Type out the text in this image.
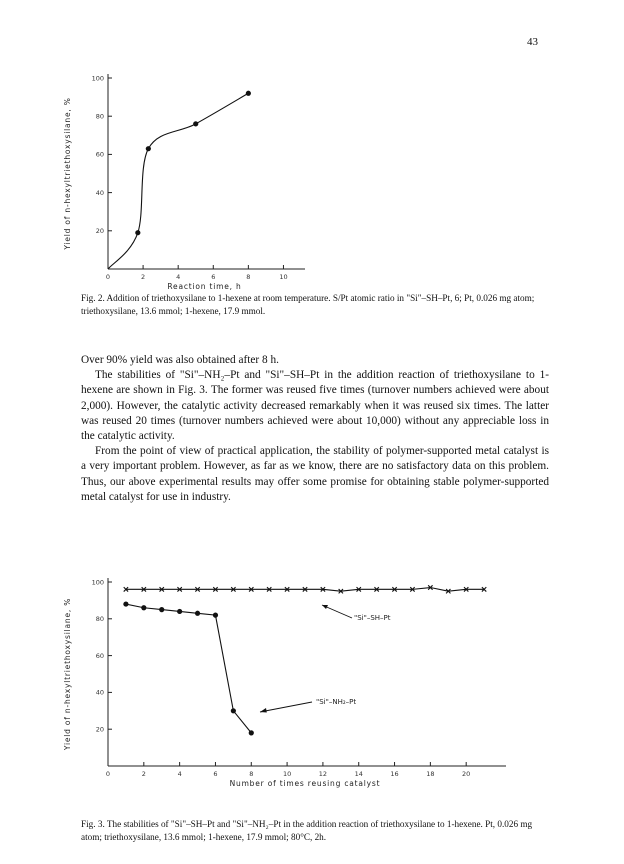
43
20
40
60
80
100
0	2	4	6	8	10
Reaction time, h
Yield of n-hexyltriethoxysilane, %
Fig. 2. Addition of triethoxysilane to 1-hexene at room temperature. S/Pt atomic ratio in "Si"–SH–Pt, 6; Pt, 0.026 mg atom; triethoxysilane, 13.6 mmol; 1-hexene, 17.9 mmol.

Over 90% yield was also obtained after 8 h.

The stabilities of "Si"–NH₂–Pt and "Si"–SH–Pt in the addition reaction of triethoxysilane to 1-hexene are shown in Fig. 3. The former was reused five times (turnover numbers achieved were about 2,000). However, the catalytic activity decreased remarkably when it was reused six times. The latter was reused 20 times (turnover numbers achieved were about 10,000) without any appreciable loss in the catalytic activity.

From the point of view of practical application, the stability of polymer-supported metal catalyst is a very important problem. However, as far as we know, there are no satisfactory data on this problem. Thus, our above experimental results may offer some promise for obtaining stable polymer-supported metal catalyst for use in industry.

20
40
60
80
100
0	2	4	6	8	10	12	14	16	18	20
Number of times reusing catalyst
Yield of n-hexyltriethoxysilane, %	"Si"–SH–Pt
"Si"–NH₂–Pt
Fig. 3. The stabilities of "Si"–SH–Pt and "Si"–NH₂–Pt in the addition reaction of triethoxysilane to 1-hexene. Pt, 0.026 mg atom; triethoxysilane, 13.6 mmol; 1-hexene, 17.9 mmol; 80°C, 2h.
